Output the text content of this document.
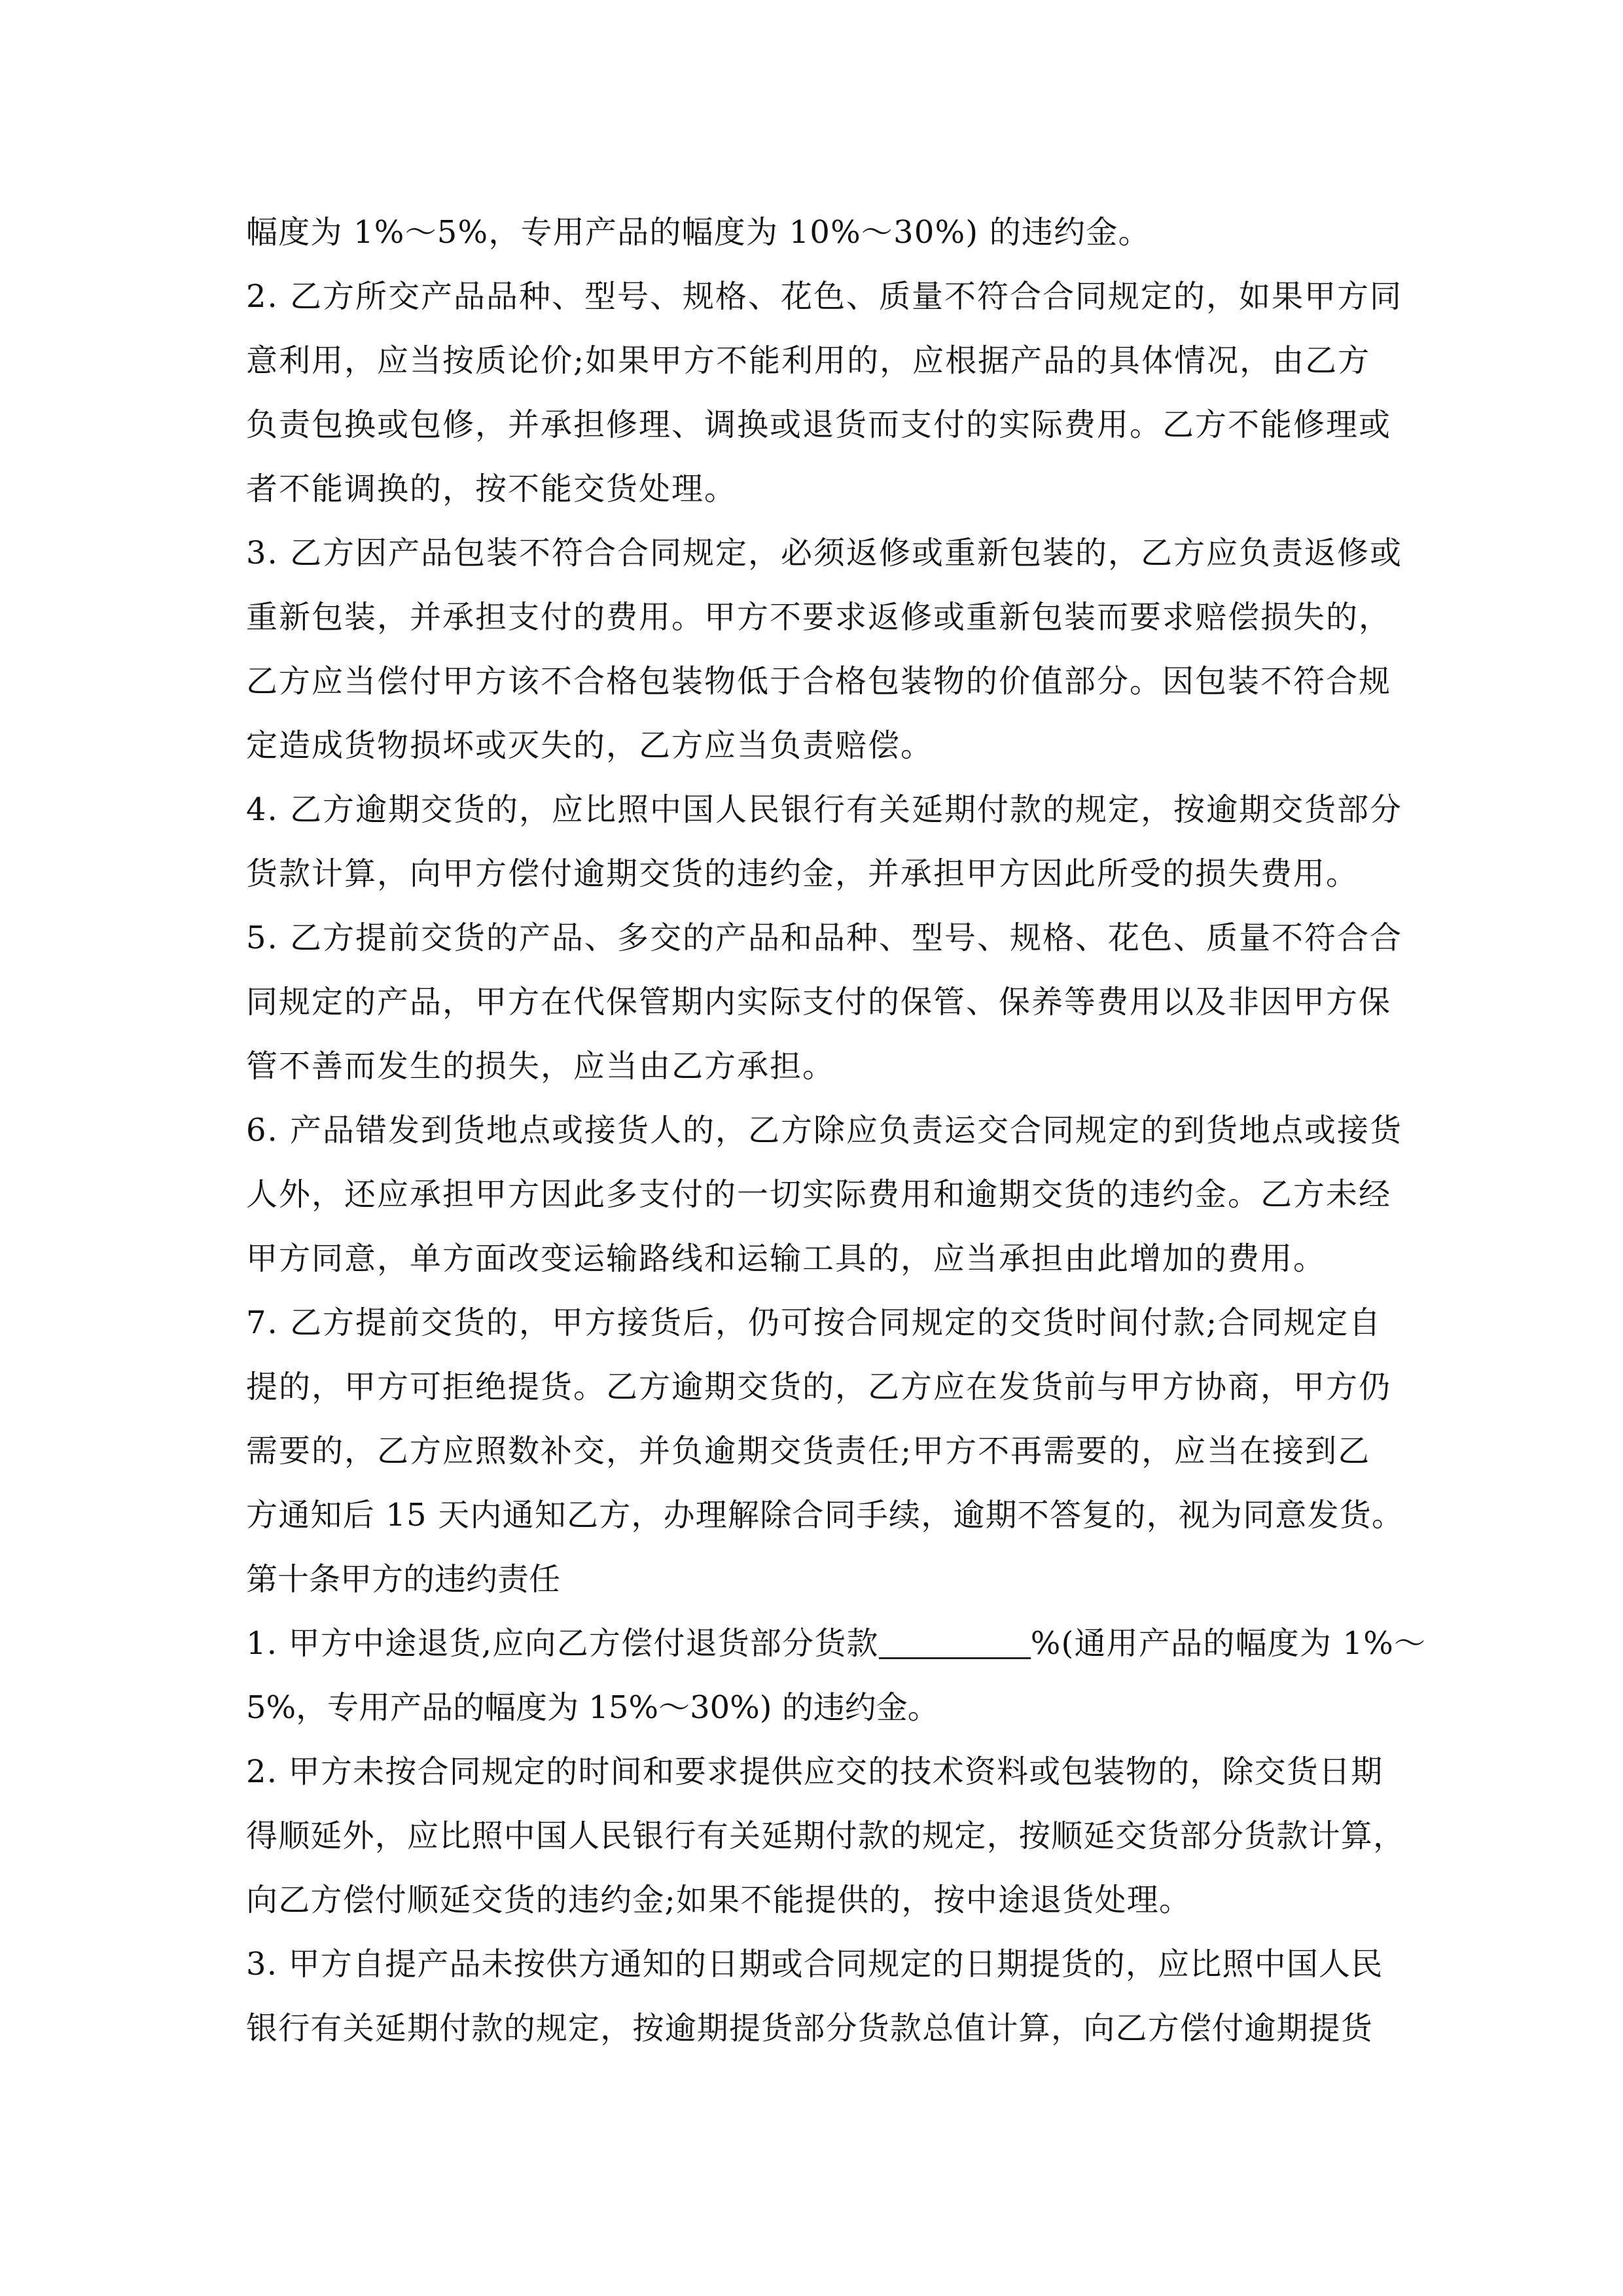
幅度为 1%～5%，专用产品的幅度为 10%～30%) 的违约金。
2. 乙方所交产品品种、型号、规格、花色、质量不符合合同规定的，如果甲方同
意利用，应当按质论价;如果甲方不能利用的，应根据产品的具体情况，由乙方
负责包换或包修，并承担修理、调换或退货而支付的实际费用。乙方不能修理或
者不能调换的，按不能交货处理。
3. 乙方因产品包装不符合合同规定，必须返修或重新包装的，乙方应负责返修或
重新包装，并承担支付的费用。甲方不要求返修或重新包装而要求赔偿损失的，
乙方应当偿付甲方该不合格包装物低于合格包装物的价值部分。因包装不符合规
定造成货物损坏或灭失的，乙方应当负责赔偿。
4. 乙方逾期交货的，应比照中国人民银行有关延期付款的规定，按逾期交货部分
货款计算，向甲方偿付逾期交货的违约金，并承担甲方因此所受的损失费用。
5. 乙方提前交货的产品、多交的产品和品种、型号、规格、花色、质量不符合合
同规定的产品，甲方在代保管期内实际支付的保管、保养等费用以及非因甲方保
管不善而发生的损失，应当由乙方承担。
6. 产品错发到货地点或接货人的，乙方除应负责运交合同规定的到货地点或接货
人外，还应承担甲方因此多支付的一切实际费用和逾期交货的违约金。乙方未经
甲方同意，单方面改变运输路线和运输工具的，应当承担由此增加的费用。
7. 乙方提前交货的，甲方接货后，仍可按合同规定的交货时间付款;合同规定自
提的，甲方可拒绝提货。乙方逾期交货的，乙方应在发货前与甲方协商，甲方仍
需要的，乙方应照数补交，并负逾期交货责任;甲方不再需要的，应当在接到乙
方通知后 15 天内通知乙方，办理解除合同手续，逾期不答复的，视为同意发货。
第十条甲方的违约责任
1. 甲方中途退货,应向乙方偿付退货部分货款	%(通用产品的幅度为 1%～
5%，专用产品的幅度为 15%～30%) 的违约金。
2. 甲方未按合同规定的时间和要求提供应交的技术资料或包装物的，除交货日期
得顺延外，应比照中国人民银行有关延期付款的规定，按顺延交货部分货款计算，
向乙方偿付顺延交货的违约金;如果不能提供的，按中途退货处理。
3. 甲方自提产品未按供方通知的日期或合同规定的日期提货的，应比照中国人民
银行有关延期付款的规定，按逾期提货部分货款总值计算，向乙方偿付逾期提货
